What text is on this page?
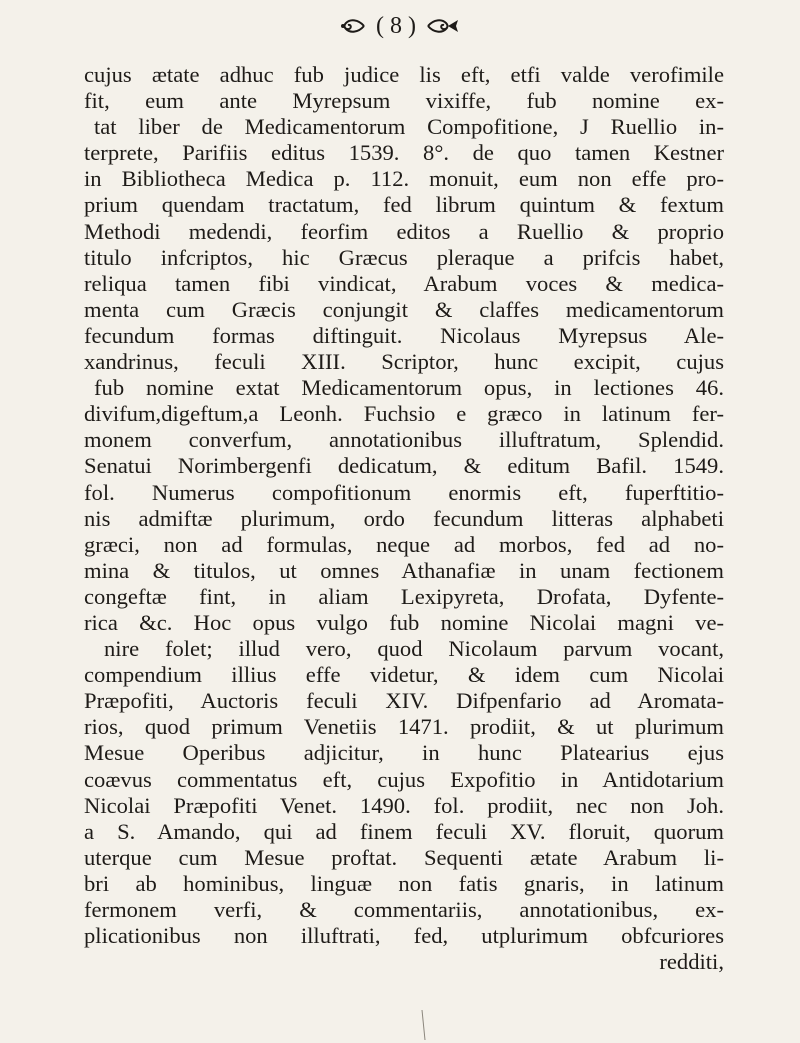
( 8 )
cujus ætate adhuc fub judice lis eft, etfi valde verofimile
fit, eum ante Myrepsum vixiffe, fub nomine ex-
tat liber de Medicamentorum Compofitione, J Ruellio in-
terprete, Parifiis editus 1539. 8°. de quo tamen Kestner
in Bibliotheca Medica p. 112. monuit, eum non effe pro-
prium quendam tractatum, fed librum quintum & fextum
Methodi medendi, feorfim editos a Ruellio & proprio
titulo infcriptos, hic Græcus pleraque a prifcis habet,
reliqua tamen fibi vindicat, Arabum voces & medica-
menta cum Græcis conjungit & claffes medicamentorum
fecundum formas diftinguit. Nicolaus Myrepsus Ale-
xandrinus, feculi XIII. Scriptor, hunc excipit, cujus
fub nomine extat Medicamentorum opus, in lectiones 46.
divifum,digeftum,a Leonh. Fuchsio e græco in latinum fer-
monem converfum, annotationibus illuftratum, Splendid.
Senatui Norimbergenfi dedicatum, & editum Bafil. 1549.
fol. Numerus compofitionum enormis eft, fuperftitio-
nis admiftæ plurimum, ordo fecundum litteras alphabeti
græci, non ad formulas, neque ad morbos, fed ad no-
mina & titulos, ut omnes Athanafiæ in unam fectionem
congeftæ fint, in aliam Lexipyreta, Drofata, Dyfente-
rica &c. Hoc opus vulgo fub nomine Nicolai magni ve-
nire folet; illud vero, quod Nicolaum parvum vocant,
compendium illius effe videtur, & idem cum Nicolai
Præpofiti, Auctoris feculi XIV. Difpenfario ad Aromata-
rios, quod primum Venetiis 1471. prodiit, & ut plurimum
Mesue Operibus adjicitur, in hunc Platearius ejus
coævus commentatus eft, cujus Expofitio in Antidotarium
Nicolai Præpofiti Venet. 1490. fol. prodiit, nec non Joh.
a S. Amando, qui ad finem feculi XV. floruit, quorum
uterque cum Mesue proftat. Sequenti ætate Arabum li-
bri ab hominibus, linguæ non fatis gnaris, in latinum
fermonem verfi, & commentariis, annotationibus, ex-
plicationibus non illuftrati, fed, utplurimum obfcuriores
redditi,
